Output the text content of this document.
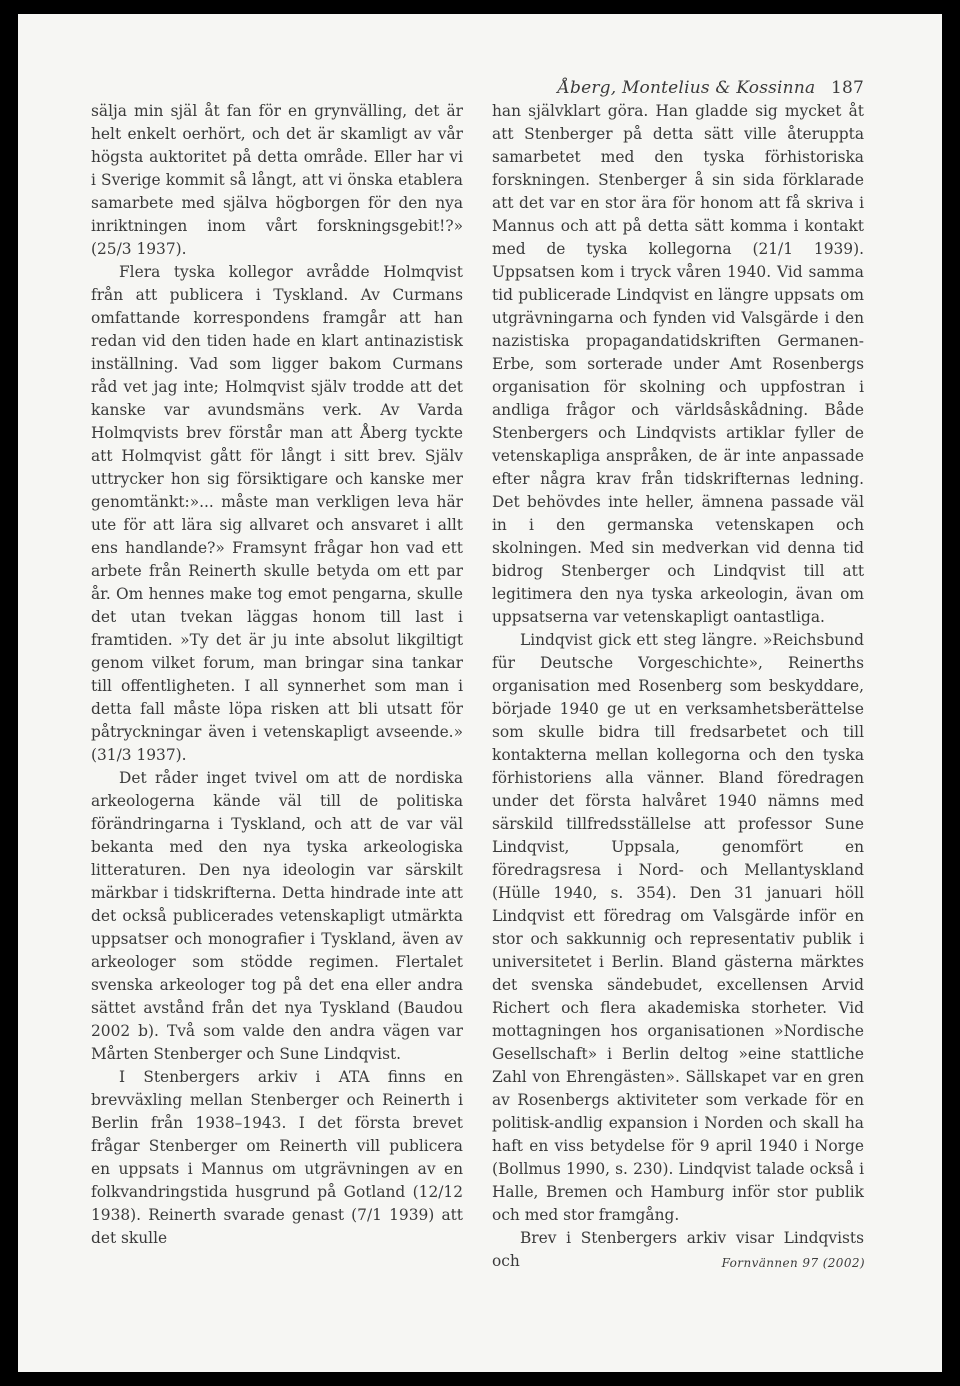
Åberg, Montelius & Kossinna 187

sälja min själ åt fan för en grynvälling, det är helt enkelt oerhört, och det är skamligt av vår högsta auktoritet på detta område. Eller har vi i Sverige kommit så långt, att vi önska etablera samarbete med själva högborgen för den nya inriktningen inom vårt forskningsgebit!?» (25/3 1937).

Flera tyska kollegor avrådde Holmqvist från att publicera i Tyskland. Av Curmans omfattande korrespondens framgår att han redan vid den tiden hade en klart antinazistisk inställning. Vad som ligger bakom Curmans råd vet jag inte; Holmqvist själv trodde att det kanske var avundsmäns verk. Av Varda Holmqvists brev förstår man att Åberg tyckte att Holmqvist gått för långt i sitt brev. Själv uttrycker hon sig försiktigare och kanske mer genomtänkt:»... måste man verkligen leva här ute för att lära sig allvaret och ansvaret i allt ens handlande?» Framsynt frågar hon vad ett arbete från Reinerth skulle betyda om ett par år. Om hennes make tog emot pengarna, skulle det utan tvekan läggas honom till last i framtiden. »Ty det är ju inte absolut likgiltigt genom vilket forum, man bringar sina tankar till offentligheten. I all synnerhet som man i detta fall måste löpa risken att bli utsatt för påtryckningar även i vetenskapligt avseende.» (31/3 1937).

Det råder inget tvivel om att de nordiska arkeologerna kände väl till de politiska förändringarna i Tyskland, och att de var väl bekanta med den nya tyska arkeologiska litteraturen. Den nya ideologin var särskilt märkbar i tidskrifterna. Detta hindrade inte att det också publicerades vetenskapligt utmärkta uppsatser och monografier i Tyskland, även av arkeologer som stödde regimen. Flertalet svenska arkeologer tog på det ena eller andra sättet avstånd från det nya Tyskland (Baudou 2002 b). Två som valde den andra vägen var Mårten Stenberger och Sune Lindqvist.

I Stenbergers arkiv i ATA finns en brevväxling mellan Stenberger och Reinerth i Berlin från 1938–1943. I det första brevet frågar Stenberger om Reinerth vill publicera en uppsats i Mannus om utgrävningen av en folkvandringstida husgrund på Gotland (12/12 1938). Reinerth svarade genast (7/1 1939) att det skulle

han självklart göra. Han gladde sig mycket åt att Stenberger på detta sätt ville återuppta samarbetet med den tyska förhistoriska forskningen. Stenberger å sin sida förklarade att det var en stor ära för honom att få skriva i Mannus och att på detta sätt komma i kontakt med de tyska kollegorna (21/1 1939). Uppsatsen kom i tryck våren 1940. Vid samma tid publicerade Lindqvist en längre uppsats om utgrävningarna och fynden vid Valsgärde i den nazistiska propagandatidskriften Germanen-Erbe, som sorterade under Amt Rosenbergs organisation för skolning och uppfostran i andliga frågor och världsåskådning. Både Stenbergers och Lindqvists artiklar fyller de vetenskapliga anspråken, de är inte anpassade efter några krav från tidskrifternas ledning. Det behövdes inte heller, ämnena passade väl in i den germanska vetenskapen och skolningen. Med sin medverkan vid denna tid bidrog Stenberger och Lindqvist till att legitimera den nya tyska arkeologin, ävan om uppsatserna var vetenskapligt oantastliga.

Lindqvist gick ett steg längre. »Reichsbund für Deutsche Vorgeschichte», Reinerths organisation med Rosenberg som beskyddare, började 1940 ge ut en verksamhetsberättelse som skulle bidra till fredsarbetet och till kontakterna mellan kollegorna och den tyska förhistoriens alla vänner. Bland föredragen under det första halvåret 1940 nämns med särskild tillfredsställelse att professor Sune Lindqvist, Uppsala, genomfört en föredragsresa i Nord- och Mellantyskland (Hülle 1940, s. 354). Den 31 januari höll Lindqvist ett föredrag om Valsgärde inför en stor och sakkunnig och representativ publik i universitetet i Berlin. Bland gästerna märktes det svenska sändebudet, excellensen Arvid Richert och flera akademiska storheter. Vid mottagningen hos organisationen »Nordische Gesellschaft» i Berlin deltog »eine stattliche Zahl von Ehrengästen». Sällskapet var en gren av Rosenbergs aktiviteter som verkade för en politisk-andlig expansion i Norden och skall ha haft en viss betydelse för 9 april 1940 i Norge (Bollmus 1990, s. 230). Lindqvist talade också i Halle, Bremen och Hamburg inför stor publik och med stor framgång.

Brev i Stenbergers arkiv visar Lindqvists och	Fornvännen 97 (2002)
